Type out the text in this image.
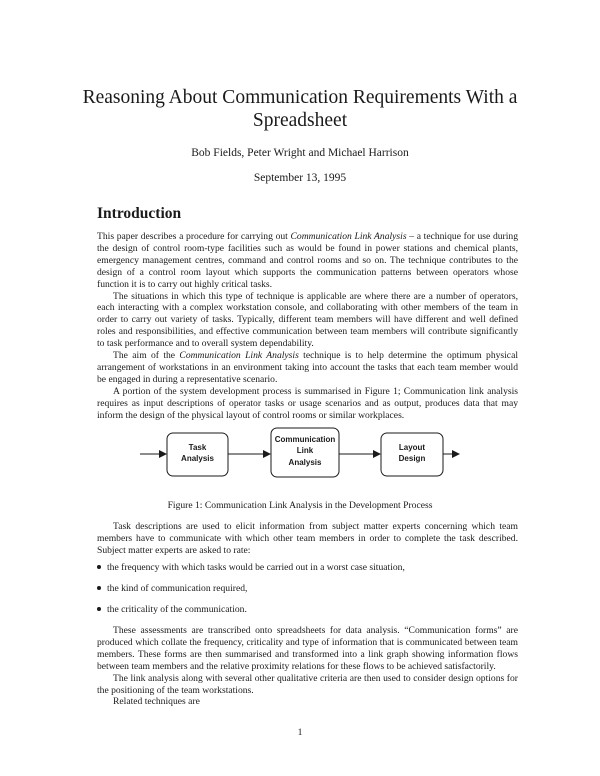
Reasoning About Communication Requirements With a
Spreadsheet
Bob Fields, Peter Wright and Michael Harrison
September 13, 1995
Introduction

This paper describes a procedure for carrying out Communication Link Analysis – a technique for use during the design of control room-type facilities such as would be found in power stations and chemical plants, emergency management centres, command and control rooms and so on. The technique contributes to the design of a control room layout which supports the communication patterns between operators whose function it is to carry out highly critical tasks.

The situations in which this type of technique is applicable are where there are a number of operators, each interacting with a complex workstation console, and collaborating with other members of the team in order to carry out variety of tasks. Typically, different team members will have different and well defined roles and responsibilities, and effective communication between team members will contribute significantly to task performance and to overall system dependability.

The aim of the Communication Link Analysis technique is to help determine the optimum physical arrangement of workstations in an environment taking into account the tasks that each team member would be engaged in during a representative scenario.

A portion of the system development process is summarised in Figure 1; Communication link analysis requires as input descriptions of operator tasks or usage scenarios and as output, produces data that may inform the design of the physical layout of control rooms or similar workplaces.

Task
Analysis
Communication
Link
Analysis
Layout
Design
Figure 1: Communication Link Analysis in the Development Process

Task descriptions are used to elicit information from subject matter experts concerning which team members have to communicate with which other team members in order to complete the task described. Subject matter experts are asked to rate:

the frequency with which tasks would be carried out in a worst case situation,
the kind of communication required,
the criticality of the communication.

These assessments are transcribed onto spreadsheets for data analysis. “Communication forms” are produced which collate the frequency, criticality and type of information that is communicated between team members. These forms are then summarised and transformed into a link graph showing information flows between team members and the relative proximity relations for these flows to be achieved satisfactorily.

The link analysis along with several other qualitative criteria are then used to consider design options for the positioning of the team workstations.

Related techniques are

1
